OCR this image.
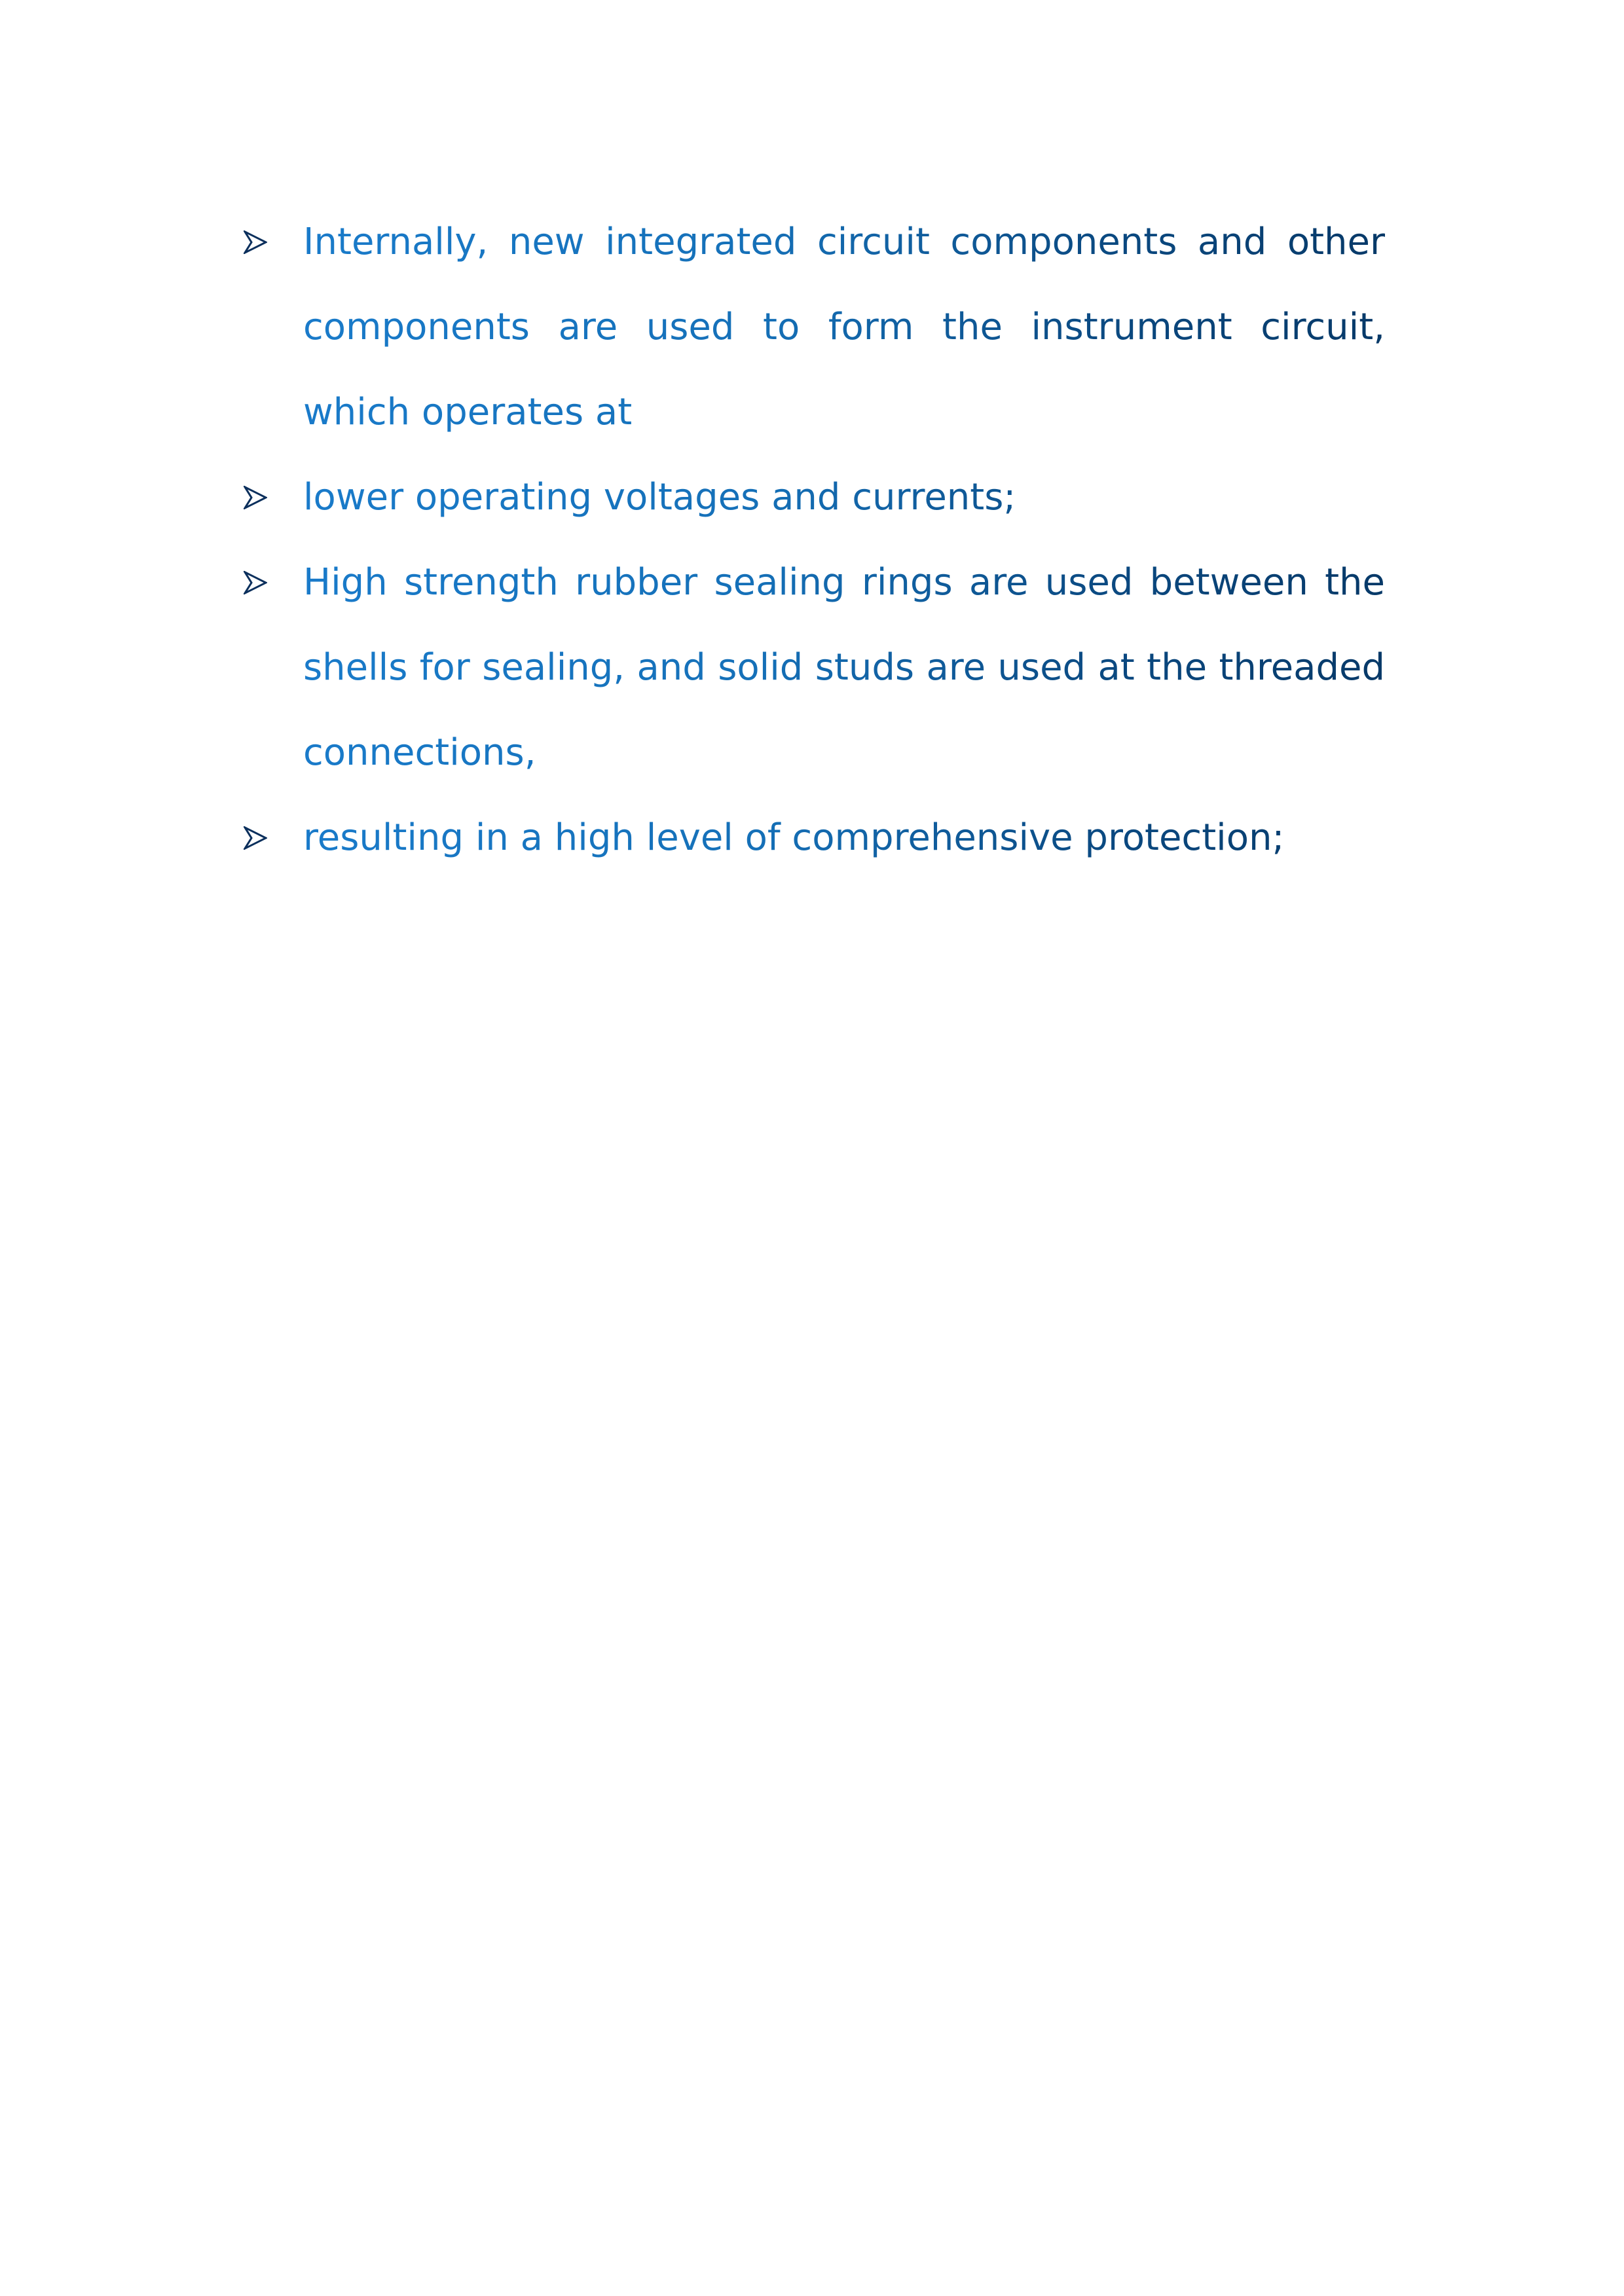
Internally, new integrated circuit components and other components are used to form the instrument circuit, which operates at
lower operating voltages and currents;
High strength rubber sealing rings are used between the shells for sealing, and solid studs are used at the threaded connections,
resulting in a high level of comprehensive protection;
